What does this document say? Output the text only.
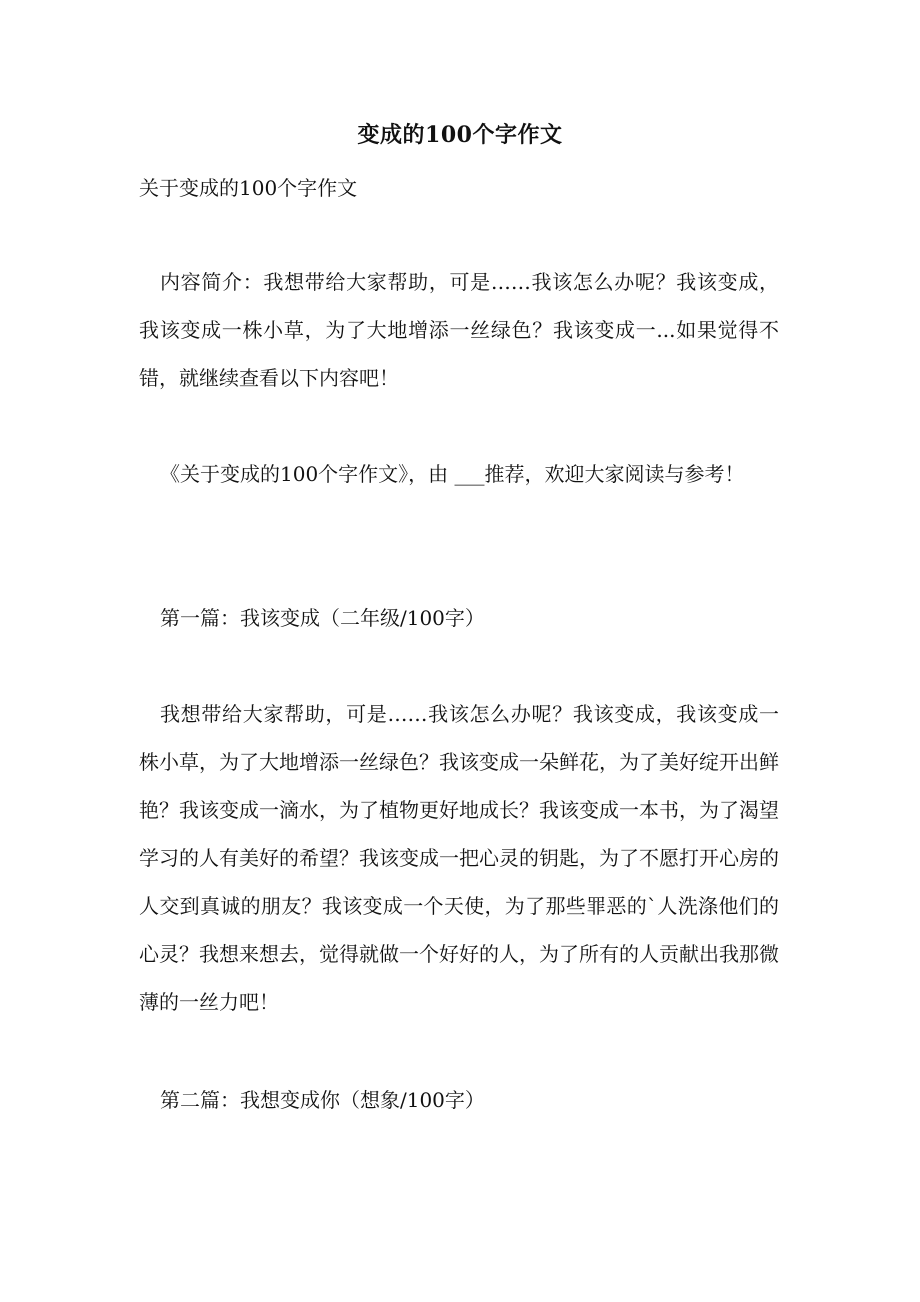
变成的100个字作文

关于变成的100个字作文

内容简介：我想带给大家帮助，可是……我该怎么办呢？我该变成，我该变成一株小草，为了大地增添一丝绿色？我该变成一...如果觉得不错，就继续查看以下内容吧！

《关于变成的100个字作文》，由 ___推荐，欢迎大家阅读与参考！

第一篇：我该变成（二年级/100字）

我想带给大家帮助，可是……我该怎么办呢？我该变成，我该变成一株小草，为了大地增添一丝绿色？我该变成一朵鲜花，为了美好绽开出鲜艳？我该变成一滴水，为了植物更好地成长？我该变成一本书，为了渴望学习的人有美好的希望？我该变成一把心灵的钥匙，为了不愿打开心房的人交到真诚的朋友？我该变成一个天使，为了那些罪恶的`人洗涤他们的心灵？我想来想去，觉得就做一个好好的人，为了所有的人贡献出我那微薄的一丝力吧！

第二篇：我想变成你（想象/100字）
